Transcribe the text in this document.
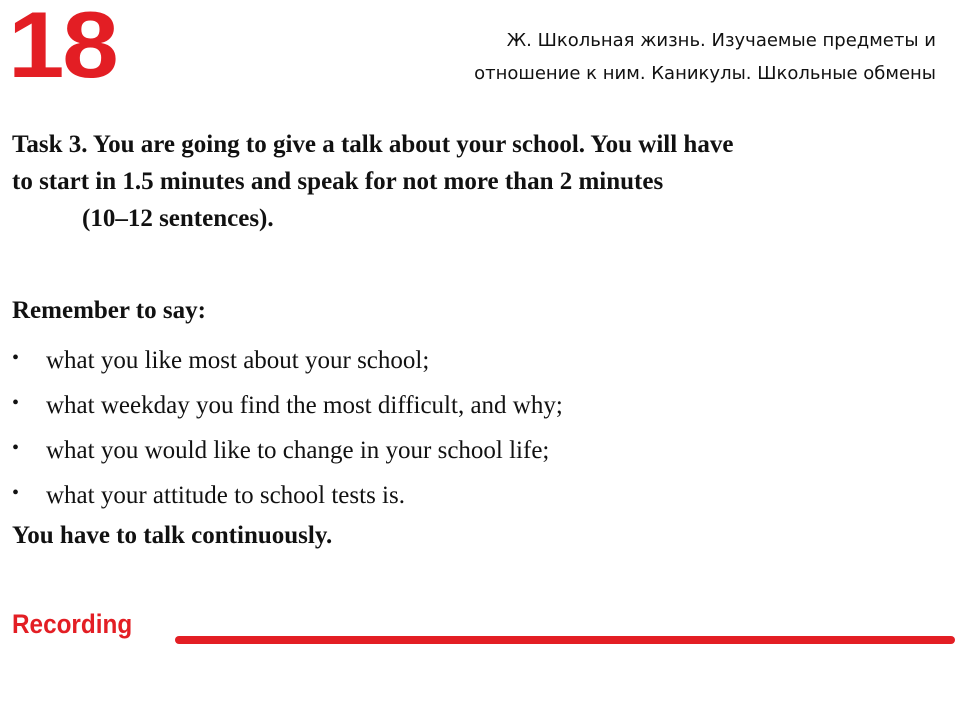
18	Ж. Школьная жизнь. Изучаемые предметы и
отношение к ним. Каникулы. Школьные обмены
Task 3. You are going to give a talk about your school. You will have
to start in 1.5 minutes and speak for not more than 2 minutes
(10–12 sentences).
Remember to say:
•	what you like most about your school;
•	what weekday you find the most difficult, and why;
•	what you would like to change in your school life;
•	what your attitude to school tests is.
You have to talk continuously.
Recording
